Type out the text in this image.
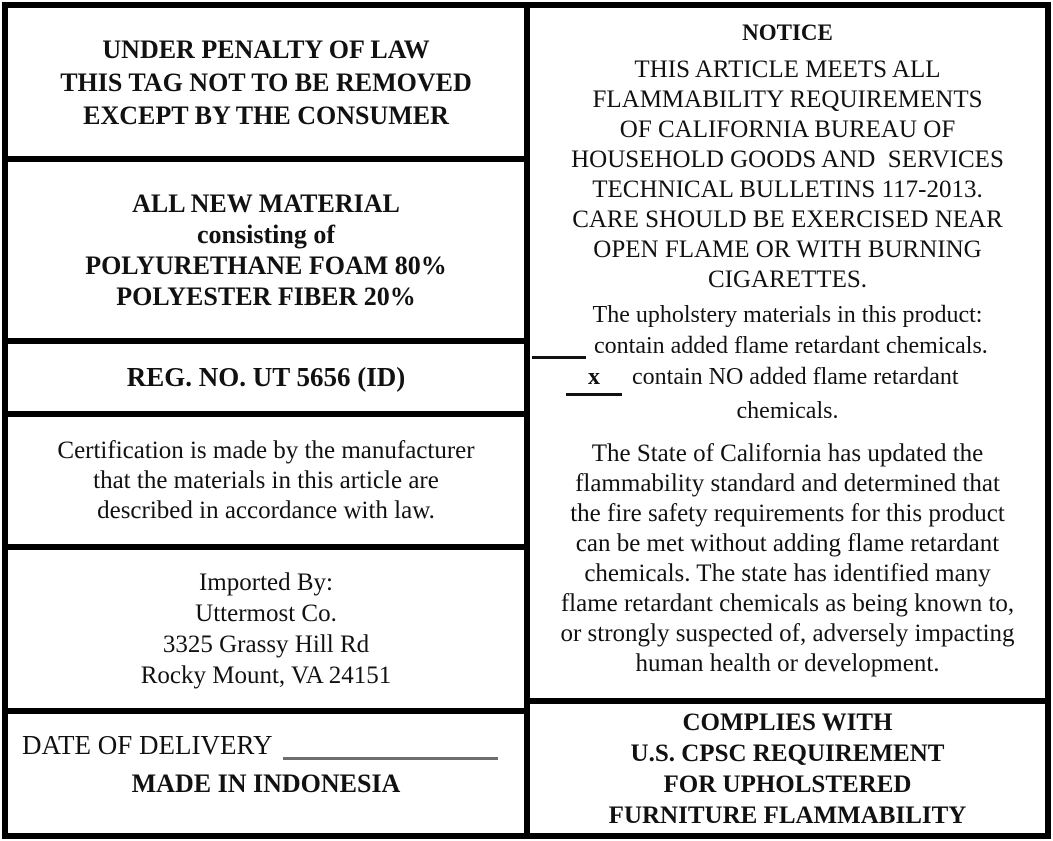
UNDER PENALTY OF LAW
THIS TAG NOT TO BE REMOVED
EXCEPT BY THE CONSUMER
ALL NEW MATERIAL
consisting of
POLYURETHANE FOAM 80%
POLYESTER FIBER 20%
REG. NO. UT 5656 (ID)
Certification is made by the manufacturer
that the materials in this article are
described in accordance with law.
Imported By:
Uttermost Co.
3325 Grassy Hill Rd
Rocky Mount, VA 24151
DATE OF DELIVERY
MADE IN INDONESIA
NOTICE
THIS ARTICLE MEETS ALL
FLAMMABILITY REQUIREMENTS
OF CALIFORNIA BUREAU OF
HOUSEHOLD GOODS AND  SERVICES
TECHNICAL BULLETINS 117-2013.
CARE SHOULD BE EXERCISED NEAR
OPEN FLAME OR WITH BURNING
CIGARETTES.
The upholstery materials in this product:
contain added flame retardant chemicals.
x contain NO added flame retardant
chemicals.
The State of California has updated the
flammability standard and determined that
the fire safety requirements for this product
can be met without adding flame retardant
chemicals. The state has identified many
flame retardant chemicals as being known to,
or strongly suspected of, adversely impacting
human health or development.
COMPLIES WITH
U.S. CPSC REQUIREMENT
FOR UPHOLSTERED
FURNITURE FLAMMABILITY
